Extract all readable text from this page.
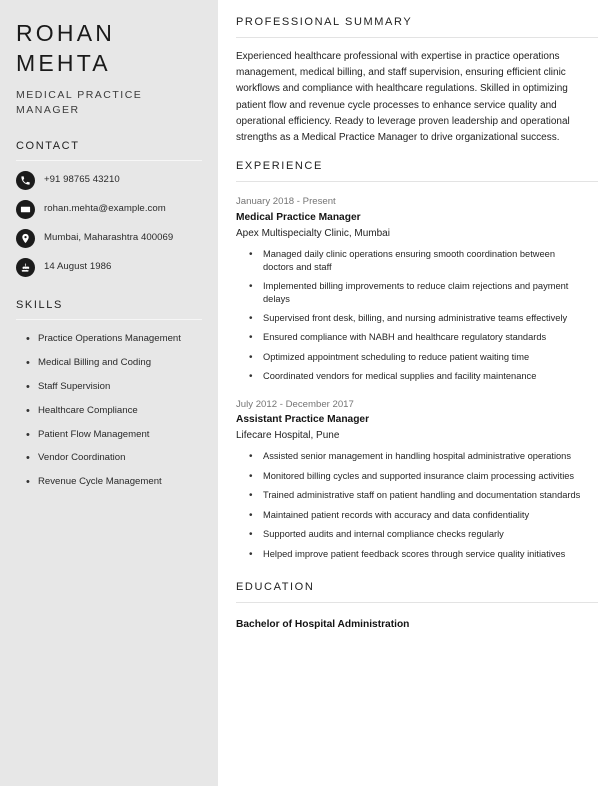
ROHAN MEHTA
MEDICAL PRACTICE MANAGER
CONTACT
+91 98765 43210
rohan.mehta@example.com
Mumbai, Maharashtra 400069
14 August 1986
SKILLS
• Practice Operations Management
• Medical Billing and Coding
• Staff Supervision
• Healthcare Compliance
• Patient Flow Management
• Vendor Coordination
• Revenue Cycle Management
PROFESSIONAL SUMMARY

Experienced healthcare professional with expertise in practice operations management, medical billing, and staff supervision, ensuring efficient clinic workflows and compliance with healthcare regulations. Skilled in optimizing patient flow and revenue cycle processes to enhance service quality and operational efficiency. Ready to leverage proven leadership and operational strengths as a Medical Practice Manager to drive organizational success.

EXPERIENCE
January 2018 - Present
Medical Practice Manager
Apex Multispecialty Clinic, Mumbai
•	Managed daily clinic operations ensuring smooth coordination between doctors and staff
•	Implemented billing improvements to reduce claim rejections and payment delays
•	Supervised front desk, billing, and nursing administrative teams effectively
•	Ensured compliance with NABH and healthcare regulatory standards
•	Optimized appointment scheduling to reduce patient waiting time
•	Coordinated vendors for medical supplies and facility maintenance
July 2012 - December 2017
Assistant Practice Manager
Lifecare Hospital, Pune
•	Assisted senior management in handling hospital administrative operations
•	Monitored billing cycles and supported insurance claim processing activities
•	Trained administrative staff on patient handling and documentation standards
•	Maintained patient records with accuracy and data confidentiality
•	Supported audits and internal compliance checks regularly
•	Helped improve patient feedback scores through service quality initiatives
EDUCATION
Bachelor of Hospital Administration
